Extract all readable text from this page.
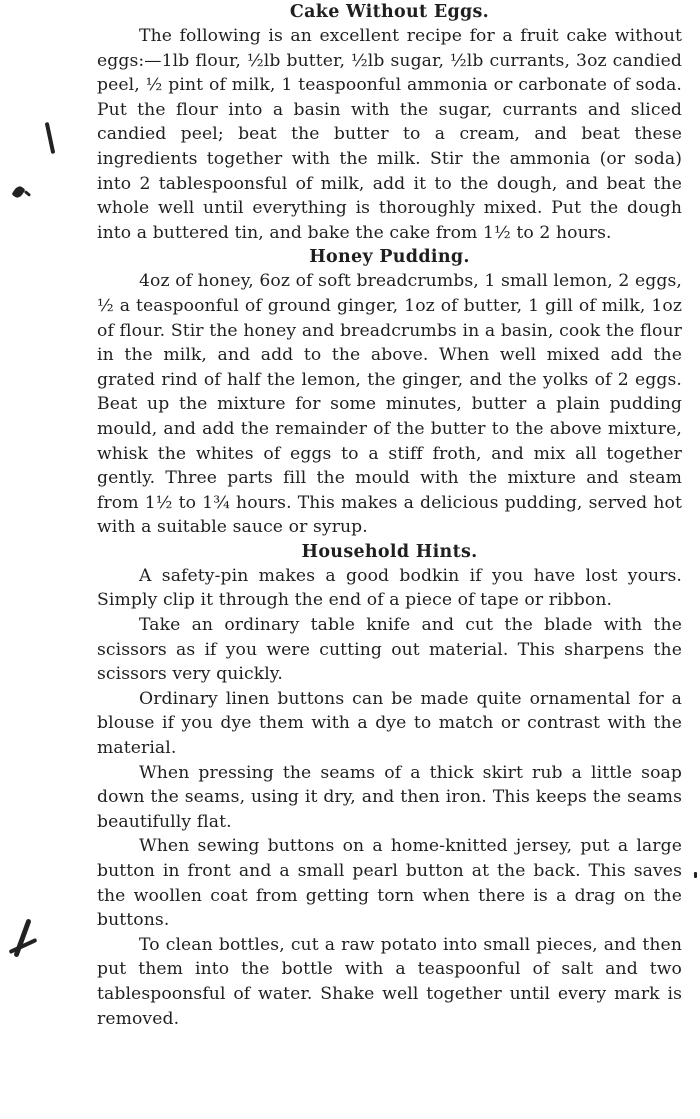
Cake Without Eggs.

The following is an excellent recipe for a fruit cake without eggs:—1lb flour, ½lb butter, ½lb sugar, ½lb currants, 3oz candied peel, ½ pint of milk, 1 teaspoonful ammonia or carbonate of soda. Put the flour into a basin with the sugar, currants and sliced candied peel; beat the butter to a cream, and beat these ingredients together with the milk. Stir the ammonia (or soda) into 2 tablespoonsful of milk, add it to the dough, and beat the whole well until everything is thoroughly mixed. Put the dough into a buttered tin, and bake the cake from 1½ to 2 hours.

Honey Pudding.

4oz of honey, 6oz of soft breadcrumbs, 1 small lemon, 2 eggs, ½ a teaspoonful of ground ginger, 1oz of butter, 1 gill of milk, 1oz of flour. Stir the honey and breadcrumbs in a basin, cook the flour in the milk, and add to the above. When well mixed add the grated rind of half the lemon, the ginger, and the yolks of 2 eggs. Beat up the mixture for some minutes, butter a plain pudding mould, and add the remainder of the butter to the above mixture, whisk the whites of eggs to a stiff froth, and mix all together gently. Three parts fill the mould with the mixture and steam from 1½ to 1¾ hours. This makes a delicious pudding, served hot with a suitable sauce or syrup.

Household Hints.

A safety-pin makes a good bodkin if you have lost yours. Simply clip it through the end of a piece of tape or ribbon.

Take an ordinary table knife and cut the blade with the scissors as if you were cutting out material. This sharpens the scissors very quickly.

Ordinary linen buttons can be made quite ornamental for a blouse if you dye them with a dye to match or contrast with the material.

When pressing the seams of a thick skirt rub a little soap down the seams, using it dry, and then iron. This keeps the seams beautifully flat.

When sewing buttons on a home-knitted jersey, put a large button in front and a small pearl button at the back. This saves the woollen coat from getting torn when there is a drag on the buttons.

To clean bottles, cut a raw potato into small pieces, and then put them into the bottle with a teaspoonful of salt and two tablespoonsful of water. Shake well together until every mark is removed.
